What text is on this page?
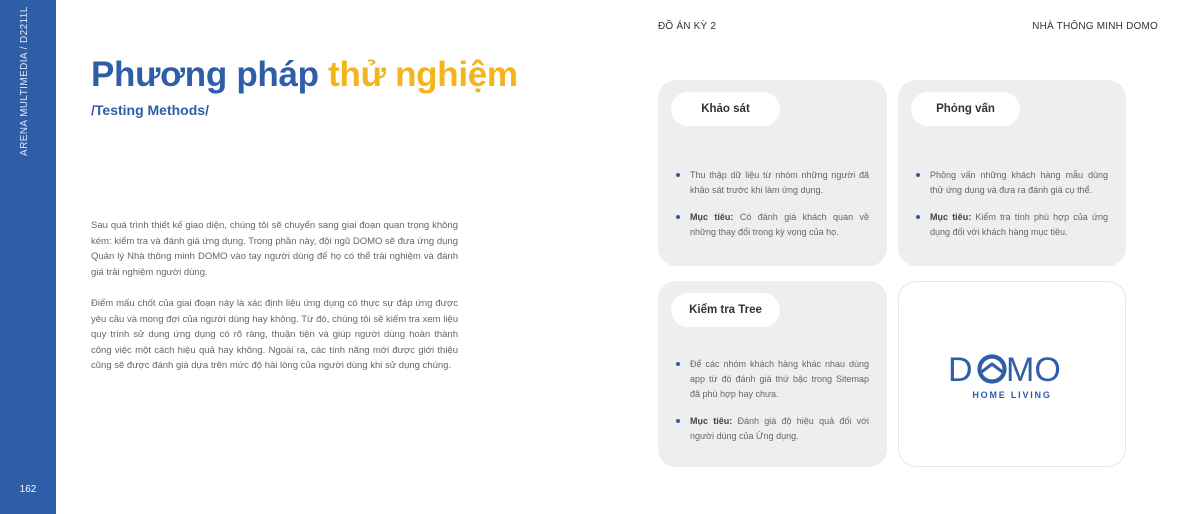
ARENA MULTIMEDIA / D2211L
162
ĐỒ ÁN KỲ 2	NHÀ THÔNG MINH DOMO
Phương pháp thử nghiệm
/Testing Methods/

Sau quá trình thiết kế giao diện, chúng tôi sẽ chuyển sang giai đoạn quan trọng không kém: kiểm tra và đánh giá ứng dụng. Trong phần này, đội ngũ DOMO sẽ đưa ứng dụng Quản lý Nhà thông minh DOMO vào tay người dùng để họ có thể trải nghiệm và đánh giá trải nghiệm người dùng.

Điểm mấu chốt của giai đoạn này là xác định liệu ứng dụng có thực sự đáp ứng được yêu cầu và mong đợi của người dùng hay không. Từ đó, chúng tôi sẽ kiểm tra xem liệu quy trình sử dụng ứng dụng có rõ ràng, thuận tiện và giúp người dùng hoàn thành công việc một cách hiệu quả hay không. Ngoài ra, các tính năng mới được giới thiệu cũng sẽ được đánh giá dựa trên mức độ hài lòng của người dùng khi sử dụng chúng.

Khảo sát
Thu thập dữ liệu từ nhóm những người đã khảo sát trước khi làm ứng dụng.
Mục tiêu: Có đánh giá khách quan về những thay đổi trong kỳ vọng của họ.
Phỏng vấn
Phỏng vấn những khách hàng mẫu dùng thử ứng dụng và đưa ra đánh giá cụ thể.
Mục tiêu: Kiểm tra tính phù hợp của ứng dụng đối với khách hàng mục tiêu.
Kiểm tra Tree
Để các nhóm khách hàng khác nhau dùng app từ đó đánh giá thứ bậc trong Sitemap đã phù hợp hay chưa.
Mục tiêu: Đánh giá độ hiệu quả đối với người dùng của Ứng dụng.
D MO
HOME LIVING
